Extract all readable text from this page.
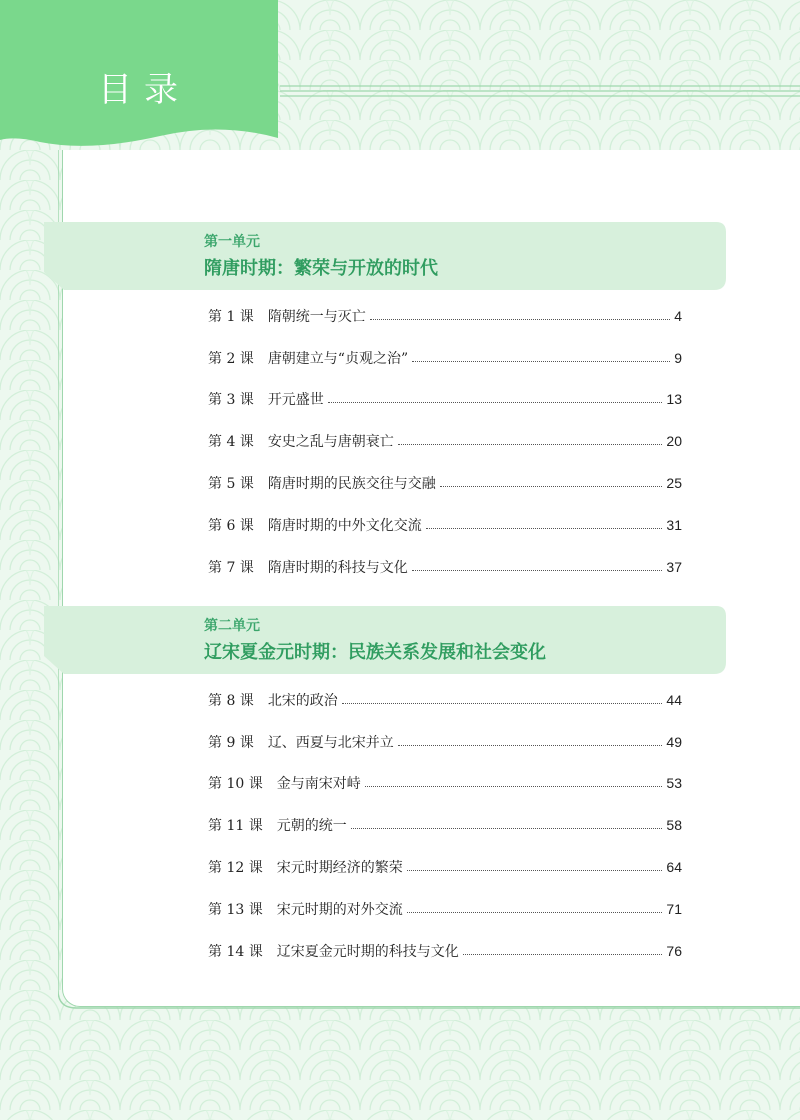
目录
第一单元
隋唐时期：繁荣与开放的时代
第 1 课 隋朝统一与灭亡	4
第 2 课 唐朝建立与“贞观之治”	9
第 3 课 开元盛世	13
第 4 课 安史之乱与唐朝衰亡	20
第 5 课 隋唐时期的民族交往与交融	25
第 6 课 隋唐时期的中外文化交流	31
第 7 课 隋唐时期的科技与文化	37
第二单元
辽宋夏金元时期：民族关系发展和社会变化
第 8 课 北宋的政治	44
第 9 课 辽、西夏与北宋并立	49
第 10 课 金与南宋对峙	53
第 11 课 元朝的统一	58
第 12 课 宋元时期经济的繁荣	64
第 13 课 宋元时期的对外交流	71
第 14 课 辽宋夏金元时期的科技与文化	76
